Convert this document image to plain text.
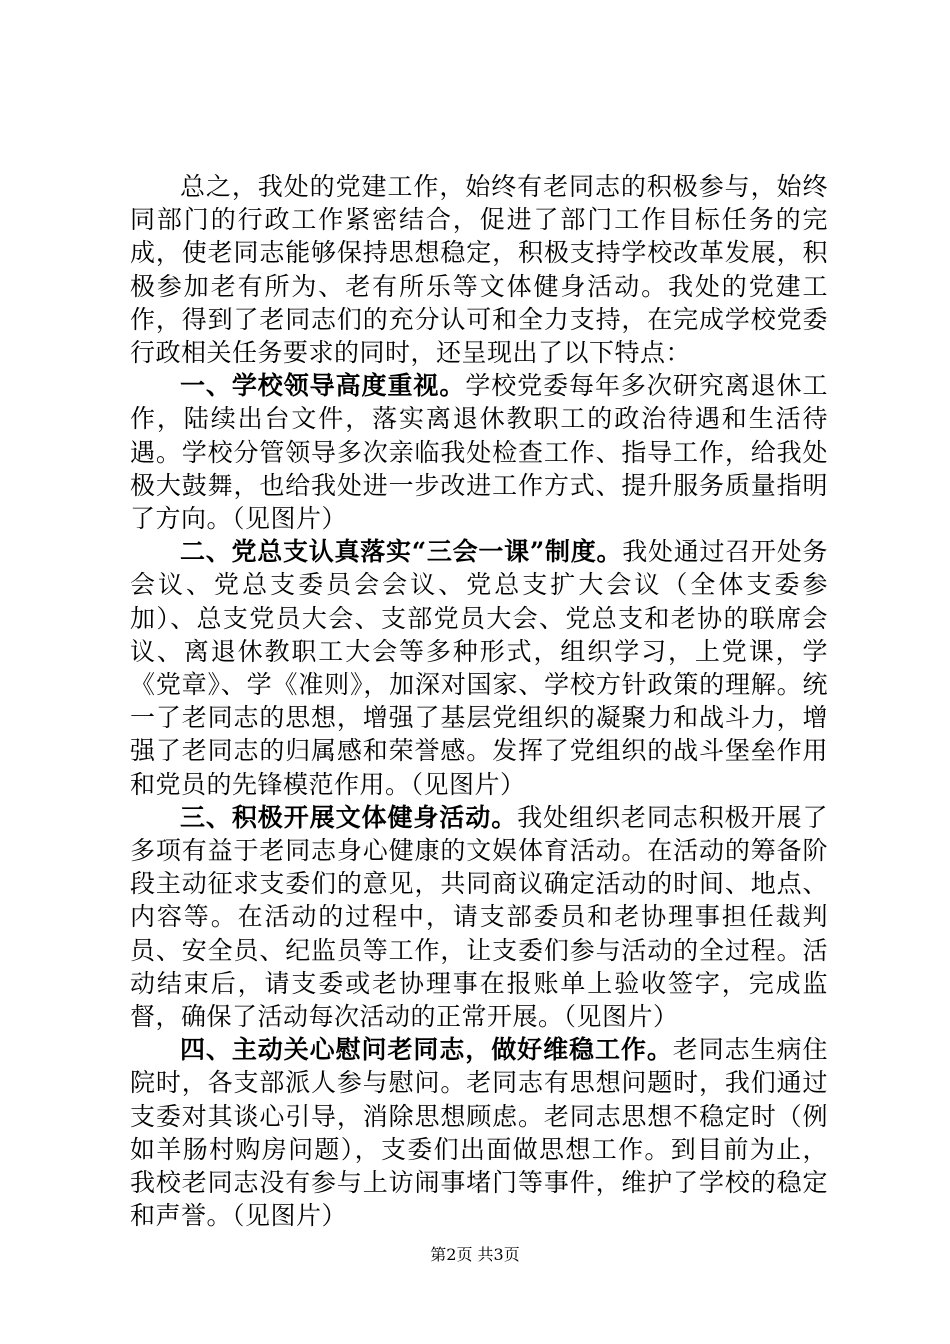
总之，我处的党建工作，始终有老同志的积极参与，始终同部门的行政工作紧密结合，促进了部门工作目标任务的完成，使老同志能够保持思想稳定，积极支持学校改革发展，积极参加老有所为、老有所乐等文体健身活动。我处的党建工作，得到了老同志们的充分认可和全力支持，在完成学校党委行政相关任务要求的同时，还呈现出了以下特点：

一、学校领导高度重视。学校党委每年多次研究离退休工作，陆续出台文件，落实离退休教职工的政治待遇和生活待遇。学校分管领导多次亲临我处检查工作、指导工作，给我处极大鼓舞，也给我处进一步改进工作方式、提升服务质量指明了方向。（见图片）

二、党总支认真落实“三会一课”制度。我处通过召开处务会议、党总支委员会会议、党总支扩大会议（全体支委参加）、总支党员大会、支部党员大会、党总支和老协的联席会议、离退休教职工大会等多种形式，组织学习，上党课，学《党章》、学《准则》，加深对国家、学校方针政策的理解。统一了老同志的思想，增强了基层党组织的凝聚力和战斗力，增强了老同志的归属感和荣誉感。发挥了党组织的战斗堡垒作用和党员的先锋模范作用。（见图片）

三、积极开展文体健身活动。我处组织老同志积极开展了多项有益于老同志身心健康的文娱体育活动。在活动的筹备阶段主动征求支委们的意见，共同商议确定活动的时间、地点、内容等。在活动的过程中，请支部委员和老协理事担任裁判员、安全员、纪监员等工作，让支委们参与活动的全过程。活动结束后，请支委或老协理事在报账单上验收签字，完成监督，确保了活动每次活动的正常开展。（见图片）

四、主动关心慰问老同志，做好维稳工作。老同志生病住院时，各支部派人参与慰问。老同志有思想问题时，我们通过支委对其谈心引导，消除思想顾虑。老同志思想不稳定时（例如羊肠村购房问题），支委们出面做思想工作。到目前为止，我校老同志没有参与上访闹事堵门等事件，维护了学校的稳定和声誉。（见图片）

第2页 共3页
